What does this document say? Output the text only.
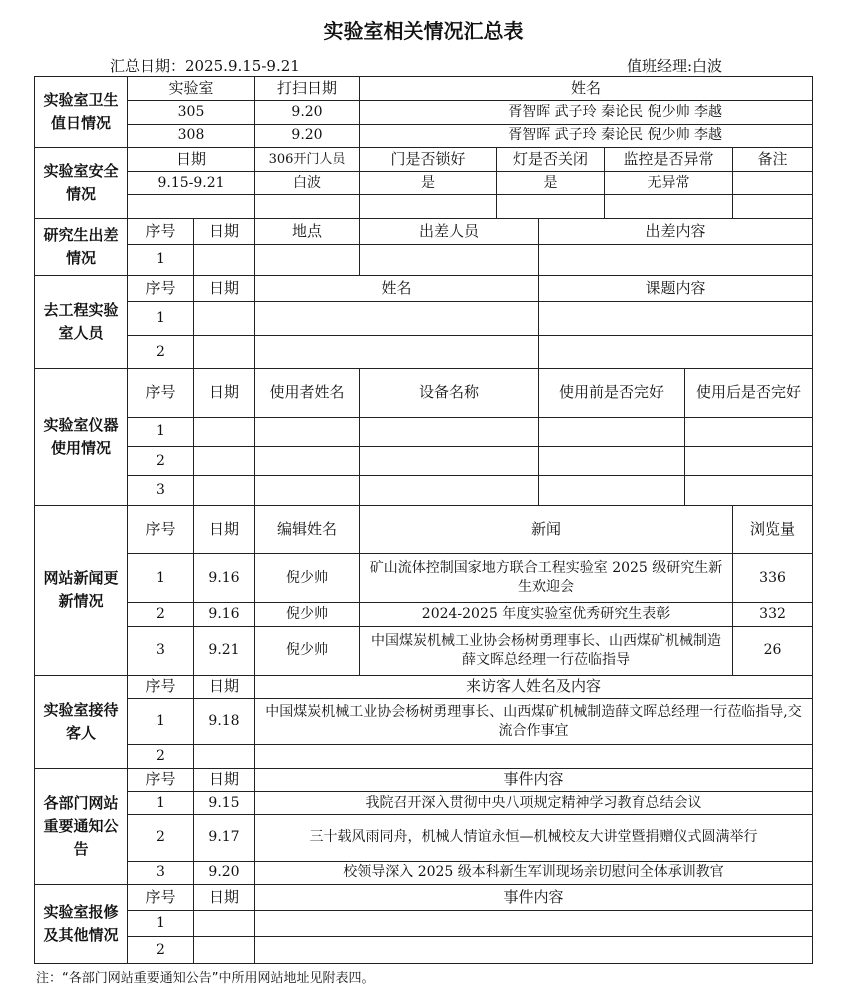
实验室相关情况汇总表
汇总日期：2025.9.15-9.21	值班经理:白波
实验室卫生值日情况	实验室		打扫日期	姓名					
	305		9.20	胥智晖 武子玲 秦论民 倪少帅 李越					
	308		9.20	胥智晖 武子玲 秦论民 倪少帅 李越					
实验室安全情况	日期		306开门人员	门是否锁好	灯是否关闭		监控是否异常		备注
	9.15-9.21		白波	是	是		无异常		

研究生出差情况	序号	日期	地点	出差人员		出差内容			
	1								
去工程实验室人员	序号	日期	姓名			课题内容			
	1								
	2								
实验室仪器使用情况	序号	日期	使用者姓名	设备名称		使用前是否完好		使用后是否完好	
	1								
	2								
	3								
网站新闻更新情况	序号	日期	编辑姓名	新闻					浏览量
	1	9.16	倪少帅	矿山流体控制国家地方联合工程实验室 2025 级研究生新生欢迎会					336
	2	9.16	倪少帅	2024-2025 年度实验室优秀研究生表彰					332
	3	9.21	倪少帅	中国煤炭机械工业协会杨树勇理事长、山西煤矿机械制造薛文晖总经理一行莅临指导					26
实验室接待客人	序号	日期	来访客人姓名及内容						
	1	9.18	中国煤炭机械工业协会杨树勇理事长、山西煤矿机械制造薛文晖总经理一行莅临指导,交流合作事宜						
	2								
各部门网站重要通知公告	序号	日期	事件内容						
	1	9.15	我院召开深入贯彻中央八项规定精神学习教育总结会议						
	2	9.17	三十载风雨同舟，机械人情谊永恒—机械校友大讲堂暨捐赠仪式圆满举行						
	3	9.20	校领导深入 2025 级本科新生军训现场亲切慰问全体承训教官						
实验室报修及其他情况	序号	日期	事件内容						
	1								
	2								
注：“各部门网站重要通知公告”中所用网站地址见附表四。
